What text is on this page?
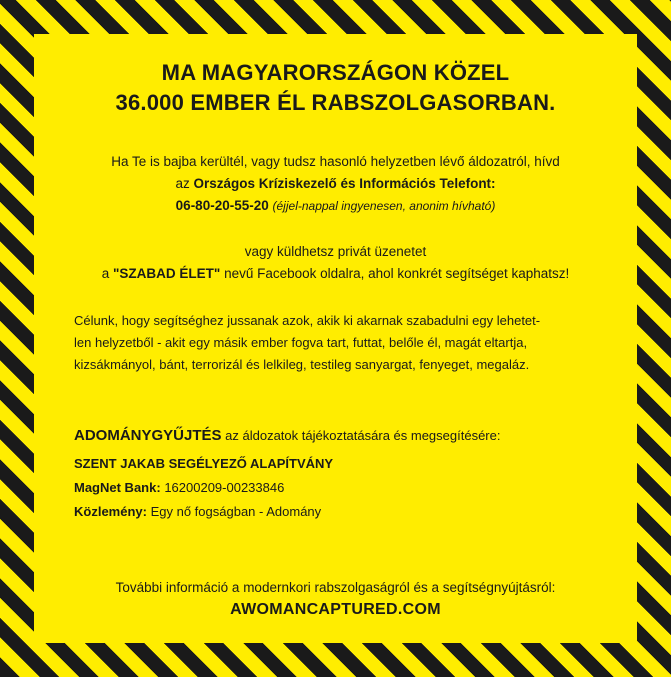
MA MAGYARORSZÁGON KÖZEL
36.000 EMBER ÉL RABSZOLGASORBAN.
Ha Te is bajba kerültél, vagy tudsz hasonló helyzetben lévő áldozatról, hívd
az Országos Kríziskezelő és Információs Telefont:
06-80-20-55-20 (éjjel-nappal ingyenesen, anonim hívható)
vagy küldhetsz privát üzenetet
a "SZABAD ÉLET" nevű Facebook oldalra, ahol konkrét segítséget kaphatsz!
Célunk, hogy segítséghez jussanak azok, akik ki akarnak szabadulni egy lehetet-
len helyzetből - akit egy másik ember fogva tart, futtat, belőle él, magát eltartja,
kizsákmányol, bánt, terrorizál és lelkileg, testileg sanyargat, fenyeget, megaláz.
ADOMÁNYGYŰJTÉS az áldozatok tájékoztatására és megsegítésére:
SZENT JAKAB SEGÉLYEZŐ ALAPÍTVÁNY
MagNet Bank: 16200209-00233846
Közlemény: Egy nő fogságban - Adomány
További információ a modernkori rabszolgaságról és a segítségnyújtásról:
AWOMANCAPTURED.COM
